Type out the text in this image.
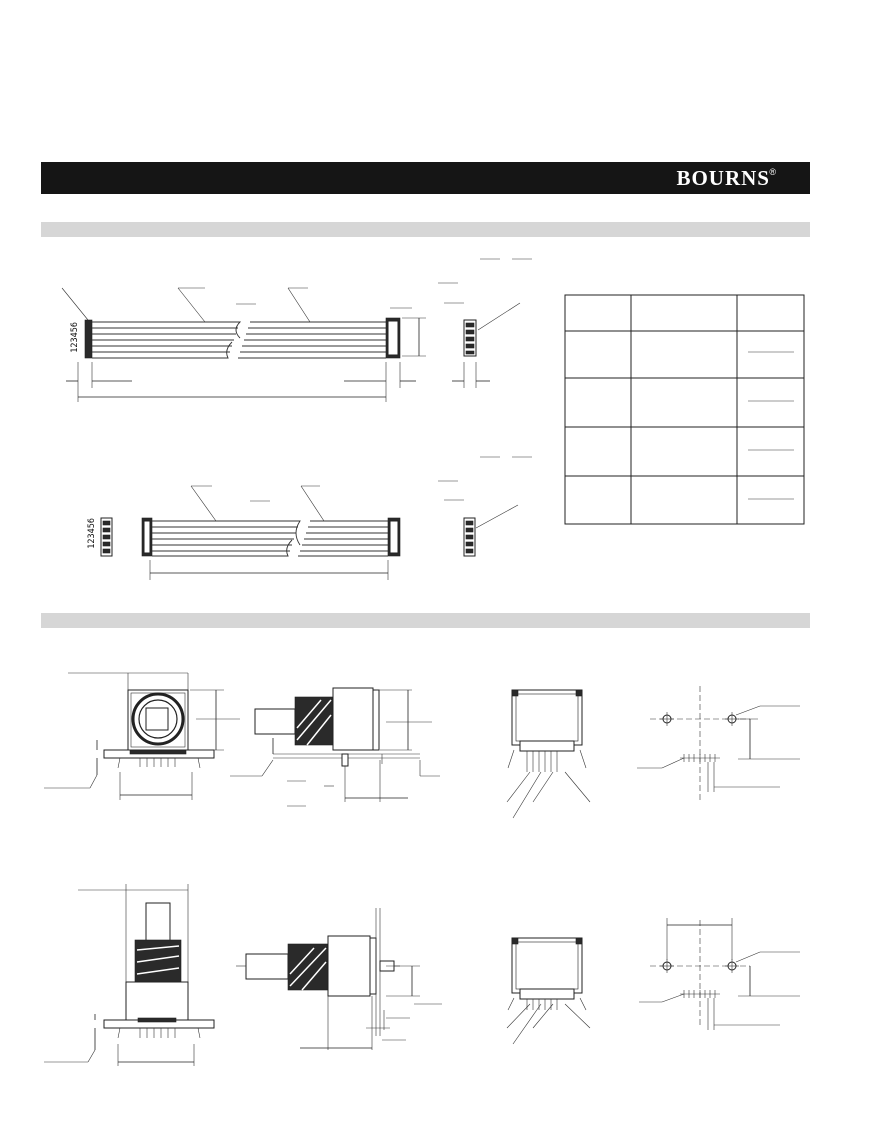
BOURNS ®
123456
123456
